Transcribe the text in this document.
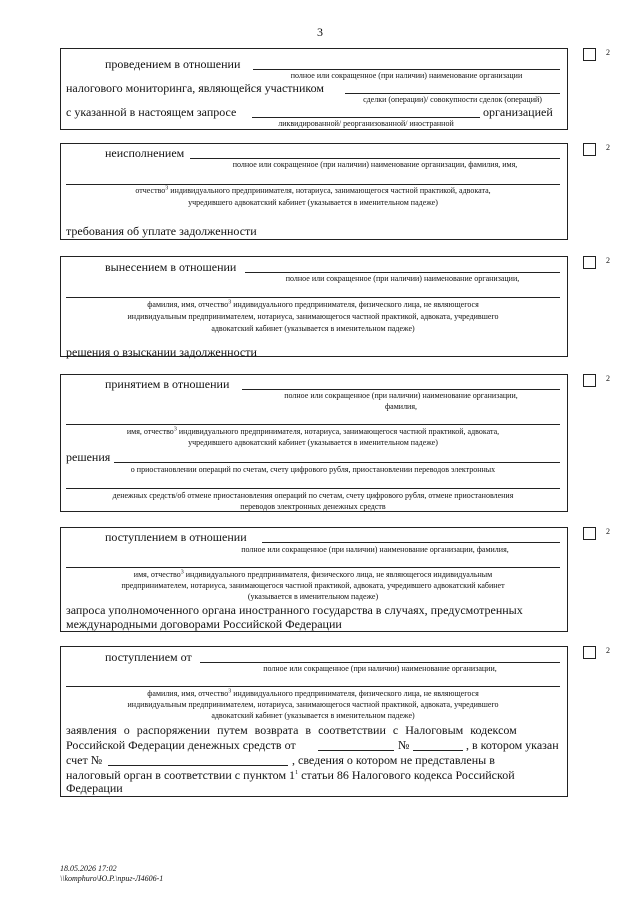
3
2
проведением в отношении
полное или сокращенное (при наличии) наименование организации
налогового мониторинга, являющейся участником
сделки (операции)/ совокупности сделок (операций)
с указанной в настоящем запросе	организацией
ликвидированной/ реорганизованной/ иностранной
2
неисполнением
полное или сокращенное (при наличии) наименование организации, фамилия, имя,
отчество$^3$ индивидуального предпринимателя, нотариуса, занимающегося частной практикой, адвоката,
учредившего адвокатский кабинет (указывается в именительном падеже)
требования об уплате задолженности
2
вынесением в отношении
полное или сокращенное (при наличии) наименование организации,
фамилия, имя, отчество$^3$ индивидуального предпринимателя, физического лица, не являющегося
индивидуальным предпринимателем, нотариуса, занимающегося частной практикой, адвоката, учредившего
адвокатский кабинет (указывается в именительном падеже)
решения о взыскании задолженности
2
принятием в отношении
полное или сокращенное (при наличии) наименование организации,
фамилия,
имя, отчество$^3$ индивидуального предпринимателя, нотариуса, занимающегося частной практикой, адвоката,
учредившего адвокатский кабинет (указывается в именительном падеже)
решения
о приостановлении операций по счетам, счету цифрового рубля, приостановлении переводов электронных
денежных средств/об отмене приостановления операций по счетам, счету цифрового рубля, отмене приостановления
переводов электронных денежных средств
2
поступлением в отношении
полное или сокращенное (при наличии) наименование организации, фамилия,
имя, отчество$^3$ индивидуального предпринимателя, физического лица, не являющегося индивидуальным
предпринимателем, нотариуса, занимающегося частной практикой, адвоката, учредившего адвокатский кабинет
(указывается в именительном падеже)
запроса уполномоченного органа иностранного государства в случаях, предусмотренных
международными договорами Российской Федерации
2
поступлением от
полное или сокращенное (при наличии) наименование организации,
фамилия, имя, отчество$^3$ индивидуального предпринимателя, физического лица, не являющегося
индивидуальным предпринимателем, нотариуса, занимающегося частной практикой, адвоката, учредившего
адвокатский кабинет (указывается в именительном падеже)
заявления о распоряжении путем возврата в соответствии с Налоговым кодексом
Российской Федерации денежных средств от	№	, в котором указан
счет №	, сведения о котором не представлены в
налоговый орган в соответствии с пунктом $1^1$ статьи 86 Налогового кодекса Российской
Федерации
18.05.2026 17:02
\\komphuro\Ю.Р.\приг-Л4606-1
